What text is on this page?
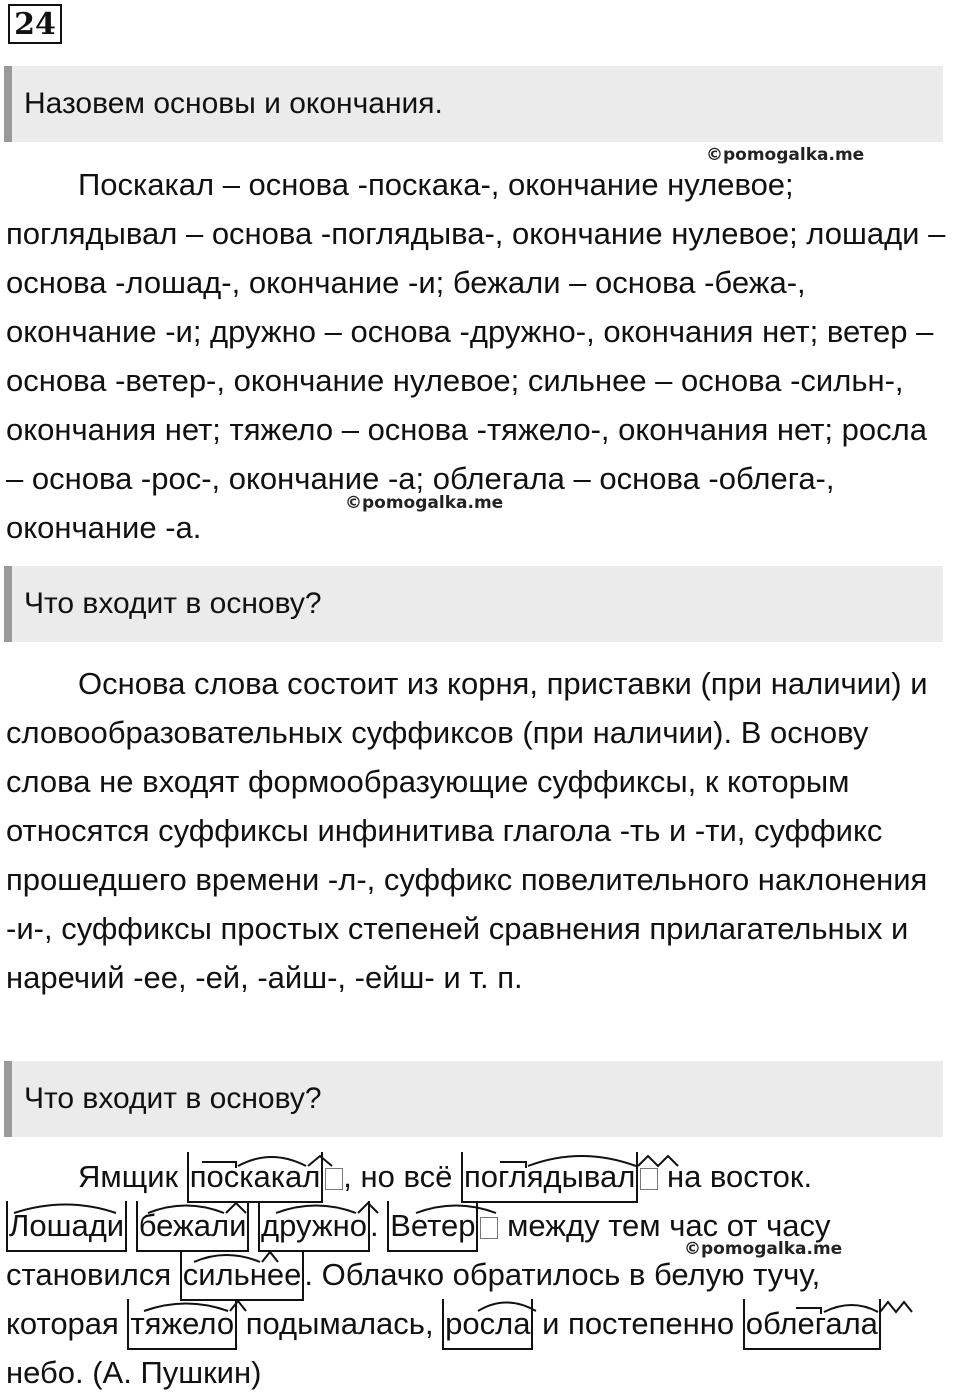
24
Назовем основы и окончания.
©pomogalka.me

Поскакал – основа -поскака-, окончание нулевое; поглядывал – основа -поглядыва-, окончание нулевое; лошади – основа -лошад-, окончание -и; бежали – основа -бежа-, окончание -и; дружно – основа -дружно-, окончания нет; ветер – основа -ветер-, окончание нулевое; сильнее – основа -сильн-, окончания нет; тяжело – основа -тяжело-, окончания нет; росла – основа -рос-, окончание -а; облегала – основа -облега-, окончание -а.

©pomogalka.me
Что входит в основу?

Основа слова состоит из корня, приставки (при наличии) и словообразовательных суффиксов (при наличии). В основу слова не входят формообразующие суффиксы, к которым относятся суффиксы инфинитива глагола -ть и -ти, суффикс прошедшего времени -л-, суффикс повелительного наклонения -и-, суффиксы простых степеней сравнения прилагательных и наречий -ее, -ей, -айш-, -ейш- и т. п.

Что входит в основу?
©pomogalka.me
Ямщик поскакал , но всё поглядывал на восток.
Лошади бежали дружно. Ветер между тем час от часу
становился сильнее. Облачко обратилось в белую тучу,
которая тяжело подымалась, росла и постепенно облегала
небо. (А. Пушкин)
